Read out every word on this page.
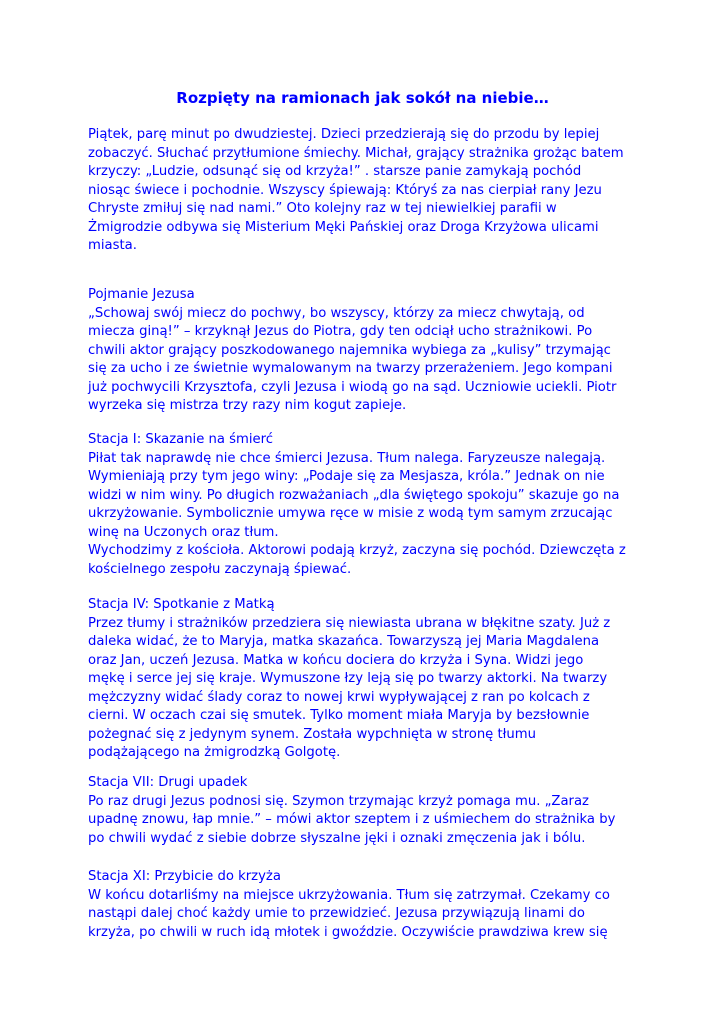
Rozpięty na ramionach jak sokół na niebie…

Piątek, parę minut po dwudziestej. Dzieci przedzierają się do przodu by lepiej
zobaczyć. Słuchać przytłumione śmiechy. Michał, grający strażnika grożąc batem
krzyczy: „Ludzie, odsunąć się od krzyża!” . starsze panie zamykają pochód
niosąc świece i pochodnie. Wszyscy śpiewają: Któryś za nas cierpiał rany Jezu
Chryste zmiłuj się nad nami.” Oto kolejny raz w tej niewielkiej parafii w
Żmigrodzie odbywa się Misterium Męki Pańskiej oraz Droga Krzyżowa ulicami
miasta.

Pojmanie Jezusa
„Schowaj swój miecz do pochwy, bo wszyscy, którzy za miecz chwytają, od
miecza giną!” – krzyknął Jezus do Piotra, gdy ten odciął ucho strażnikowi. Po
chwili aktor grający poszkodowanego najemnika wybiega za „kulisy” trzymając
się za ucho i ze świetnie wymalowanym na twarzy przerażeniem. Jego kompani
już pochwycili Krzysztofa, czyli Jezusa i wiodą go na sąd. Uczniowie uciekli. Piotr
wyrzeka się mistrza trzy razy nim kogut zapieje.

Stacja I: Skazanie na śmierć
Piłat tak naprawdę nie chce śmierci Jezusa. Tłum nalega. Faryzeusze nalegają.
Wymieniają przy tym jego winy: „Podaje się za Mesjasza, króla.” Jednak on nie
widzi w nim winy. Po długich rozważaniach „dla świętego spokoju” skazuje go na
ukrzyżowanie. Symbolicznie umywa ręce w misie z wodą tym samym zrzucając
winę na Uczonych oraz tłum.
Wychodzimy z kościoła. Aktorowi podają krzyż, zaczyna się pochód. Dziewczęta z
kościelnego zespołu zaczynają śpiewać.

Stacja IV: Spotkanie z Matką
Przez tłumy i strażników przedziera się niewiasta ubrana w błękitne szaty. Już z
daleka widać, że to Maryja, matka skazańca. Towarzyszą jej Maria Magdalena
oraz Jan, uczeń Jezusa. Matka w końcu dociera do krzyża i Syna. Widzi jego
mękę i serce jej się kraje. Wymuszone łzy leją się po twarzy aktorki. Na twarzy
mężczyzny widać ślady coraz to nowej krwi wypływającej z ran po kolcach z
cierni. W oczach czai się smutek. Tylko moment miała Maryja by bezsłownie
pożegnać się z jedynym synem. Została wypchnięta w stronę tłumu
podążającego na żmigrodzką Golgotę.

Stacja VII: Drugi upadek
Po raz drugi Jezus podnosi się. Szymon trzymając krzyż pomaga mu. „Zaraz
upadnę znowu, łap mnie.” – mówi aktor szeptem i z uśmiechem do strażnika by
po chwili wydać z siebie dobrze słyszalne jęki i oznaki zmęczenia jak i bólu.

Stacja XI: Przybicie do krzyża
W końcu dotarliśmy na miejsce ukrzyżowania. Tłum się zatrzymał. Czekamy co
nastąpi dalej choć każdy umie to przewidzieć. Jezusa przywiązują linami do
krzyża, po chwili w ruch idą młotek i gwoździe. Oczywiście prawdziwa krew się
